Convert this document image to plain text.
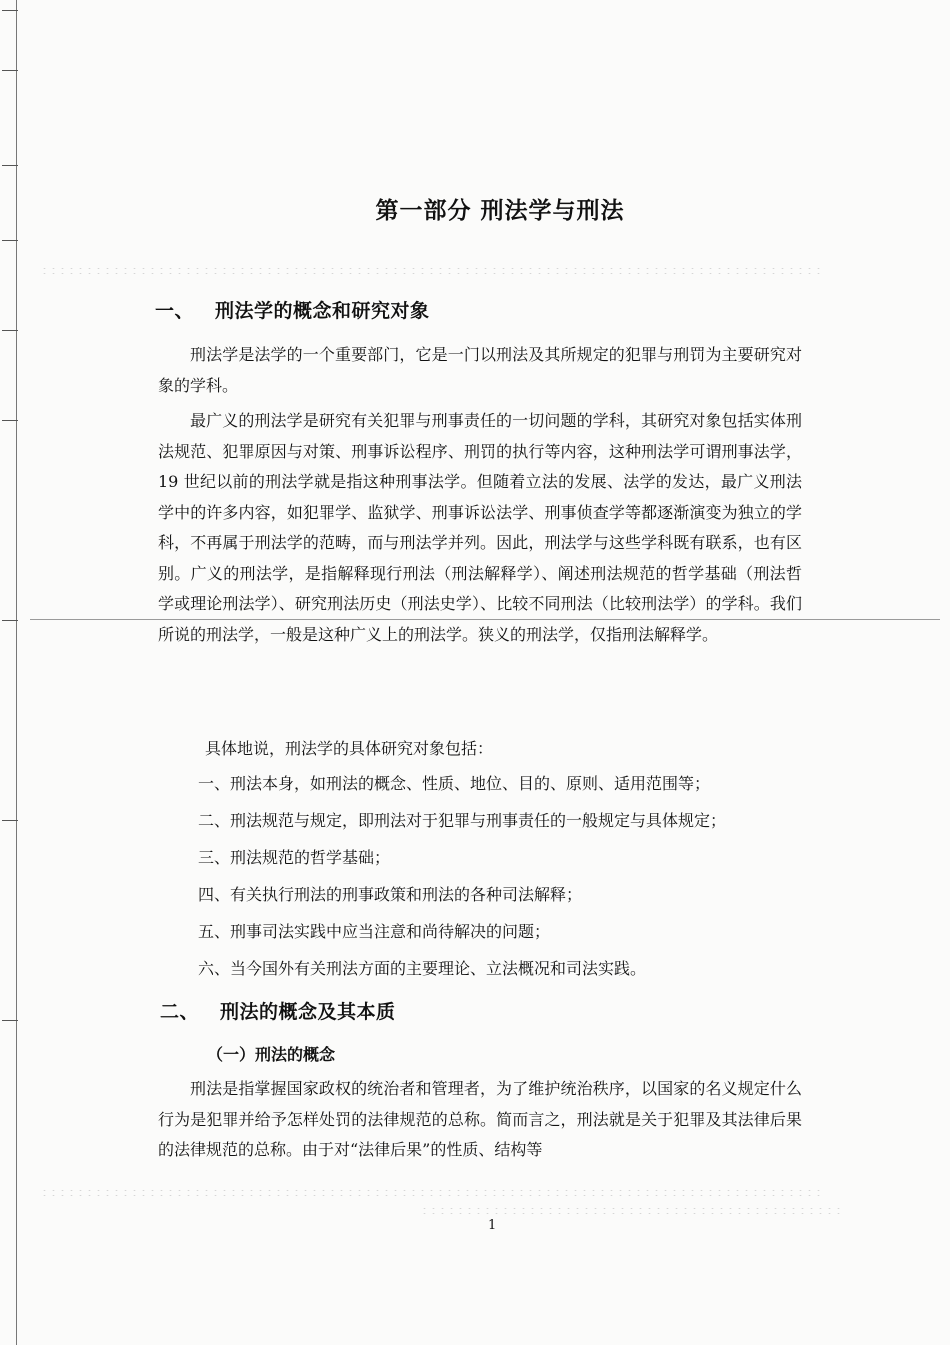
第一部分 刑法学与刑法
一、 刑法学的概念和研究对象

刑法学是法学的一个重要部门，它是一门以刑法及其所规定的犯罪与刑罚为主要研究对象的学科。

最广义的刑法学是研究有关犯罪与刑事责任的一切问题的学科，其研究对象包括实体刑法规范、犯罪原因与对策、刑事诉讼程序、刑罚的执行等内容，这种刑法学可谓刑事法学，19 世纪以前的刑法学就是指这种刑事法学。但随着立法的发展、法学的发达，最广义刑法学中的许多内容，如犯罪学、监狱学、刑事诉讼法学、刑事侦查学等都逐渐演变为独立的学科，不再属于刑法学的范畴，而与刑法学并列。因此，刑法学与这些学科既有联系，也有区别。广义的刑法学，是指解释现行刑法（刑法解释学）、阐述刑法规范的哲学基础（刑法哲学或理论刑法学）、研究刑法历史（刑法史学）、比较不同刑法（比较刑法学）的学科。我们所说的刑法学，一般是这种广义上的刑法学。狭义的刑法学，仅指刑法解释学。

具体地说，刑法学的具体研究对象包括：
一、刑法本身，如刑法的概念、性质、地位、目的、原则、适用范围等；
二、刑法规范与规定，即刑法对于犯罪与刑事责任的一般规定与具体规定；
三、刑法规范的哲学基础；
四、有关执行刑法的刑事政策和刑法的各种司法解释；
五、刑事司法实践中应当注意和尚待解决的问题；
六、当今国外有关刑法方面的主要理论、立法概况和司法实践。
二、 刑法的概念及其本质
（一）刑法的概念

刑法是指掌握国家政权的统治者和管理者，为了维护统治秩序，以国家的名义规定什么行为是犯罪并给予怎样处罚的法律规范的总称。简而言之，刑法就是关于犯罪及其法律后果的法律规范的总称。由于对“法律后果”的性质、结构等

1
